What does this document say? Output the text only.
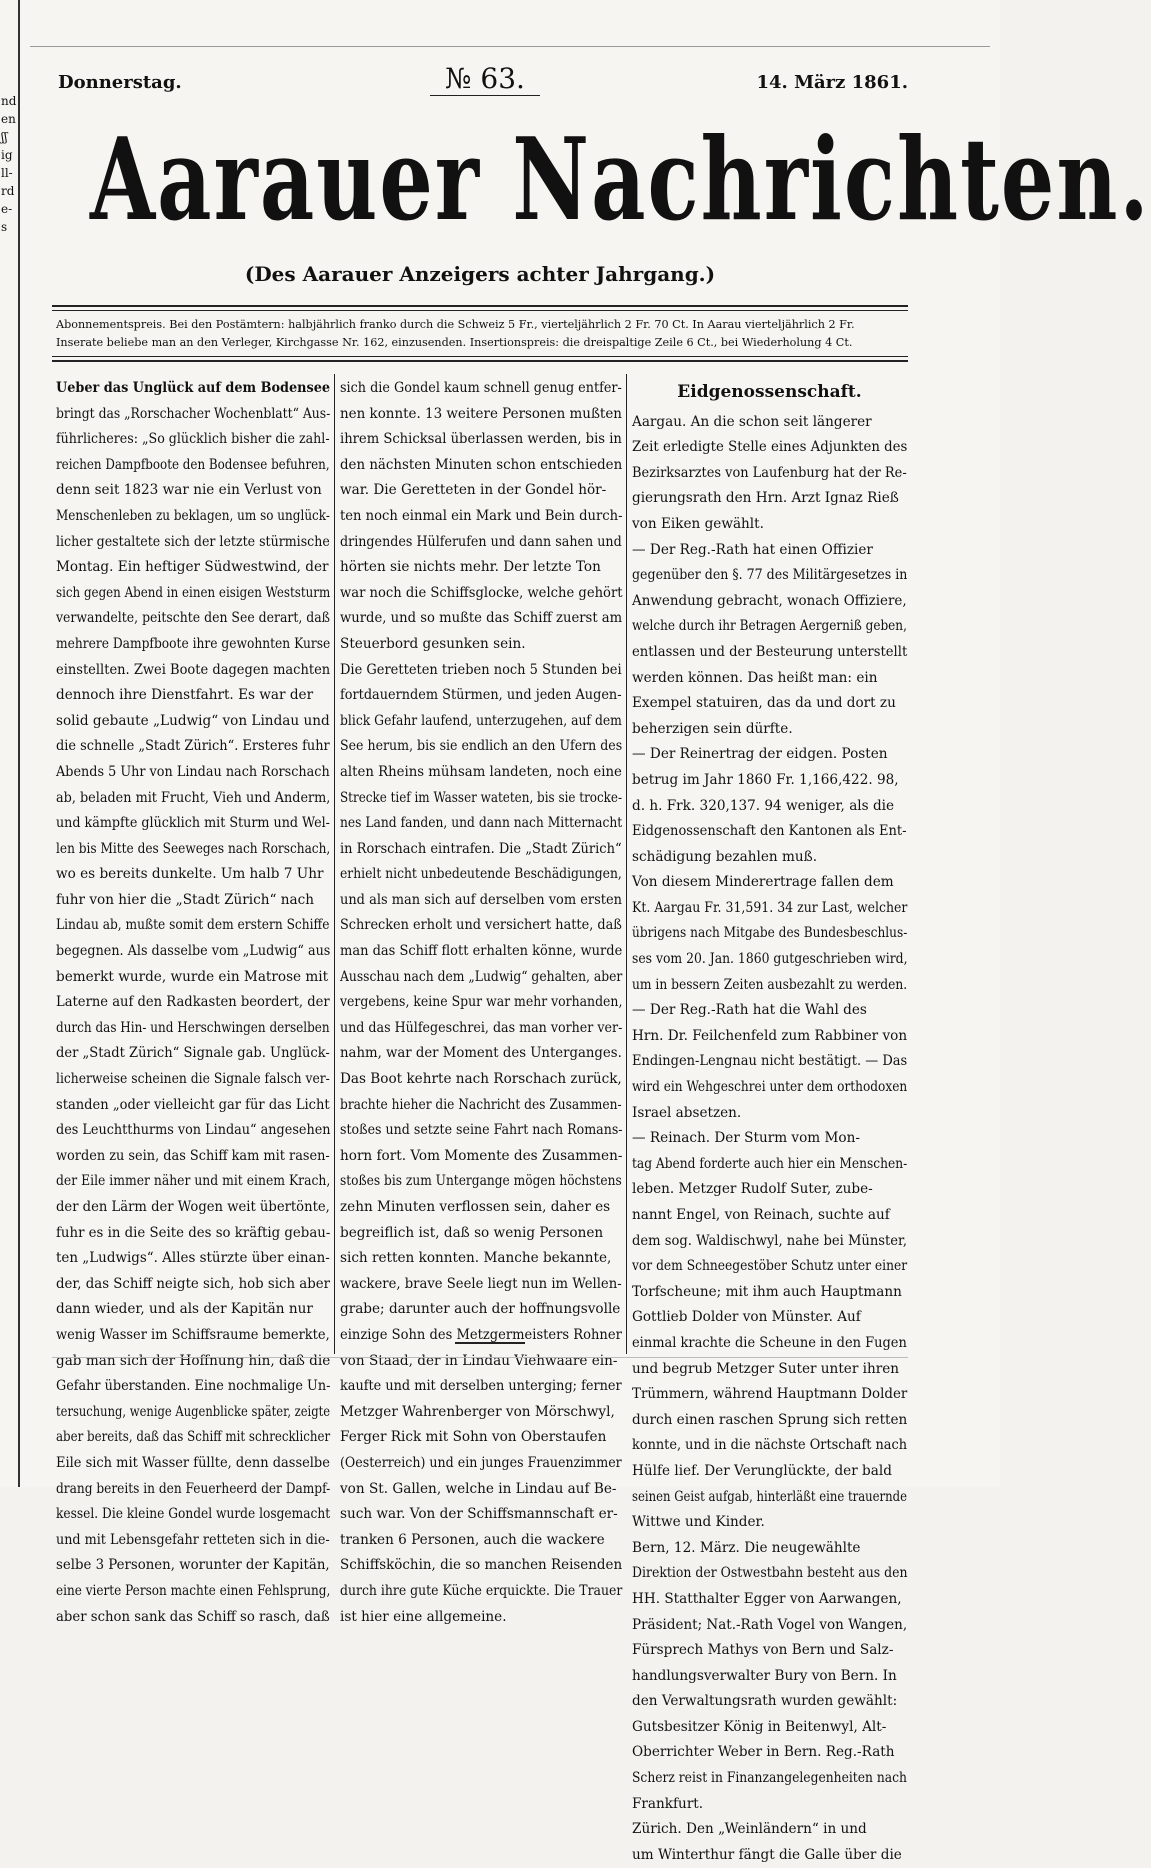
nd
en
ʃʃ
ig
ll-
rd
e-
s
Donnerstag.	№ 63.	14. März 1861.
Aarauer Nachrichten.
(Des Aarauer Anzeigers achter Jahrgang.)

Abonnementspreis. Bei den Postämtern: halbjährlich franko durch die Schweiz 5 Fr., vierteljährlich 2 Fr. 70 Ct. In Aarau vierteljährlich 2 Fr.

Inserate beliebe man an den Verleger, Kirchgasse Nr. 162, einzusenden. Insertionspreis: die dreispaltige Zeile 6 Ct., bei Wiederholung 4 Ct.

Ueber das Unglück auf dem Bodensee

bringt das „Rorschacher Wochenblatt“ Aus-

führlicheres: „So glücklich bisher die zahl-

reichen Dampfboote den Bodensee befuhren,

denn seit 1823 war nie ein Verlust von

Menschenleben zu beklagen, um so unglück-

licher gestaltete sich der letzte stürmische

Montag. Ein heftiger Südwestwind, der

sich gegen Abend in einen eisigen Weststurm

verwandelte, peitschte den See derart, daß

mehrere Dampfboote ihre gewohnten Kurse

einstellten. Zwei Boote dagegen machten

dennoch ihre Dienstfahrt. Es war der

solid gebaute „Ludwig“ von Lindau und

die schnelle „Stadt Zürich“. Ersteres fuhr

Abends 5 Uhr von Lindau nach Rorschach

ab, beladen mit Frucht, Vieh und Anderm,

und kämpfte glücklich mit Sturm und Wel-

len bis Mitte des Seeweges nach Rorschach,

wo es bereits dunkelte. Um halb 7 Uhr

fuhr von hier die „Stadt Zürich“ nach

Lindau ab, mußte somit dem erstern Schiffe

begegnen. Als dasselbe vom „Ludwig“ aus

bemerkt wurde, wurde ein Matrose mit

Laterne auf den Radkasten beordert, der

durch das Hin- und Herschwingen derselben

der „Stadt Zürich“ Signale gab. Unglück-

licherweise scheinen die Signale falsch ver-

standen „oder vielleicht gar für das Licht

des Leuchtthurms von Lindau“ angesehen

worden zu sein, das Schiff kam mit rasen-

der Eile immer näher und mit einem Krach,

der den Lärm der Wogen weit übertönte,

fuhr es in die Seite des so kräftig gebau-

ten „Ludwigs“. Alles stürzte über einan-

der, das Schiff neigte sich, hob sich aber

dann wieder, und als der Kapitän nur

wenig Wasser im Schiffsraume bemerkte,

gab man sich der Hoffnung hin, daß die

Gefahr überstanden. Eine nochmalige Un-

tersuchung, wenige Augenblicke später, zeigte

aber bereits, daß das Schiff mit schrecklicher

Eile sich mit Wasser füllte, denn dasselbe

drang bereits in den Feuerheerd der Dampf-

kessel. Die kleine Gondel wurde losgemacht

und mit Lebensgefahr retteten sich in die-

selbe 3 Personen, worunter der Kapitän,

eine vierte Person machte einen Fehlsprung,

aber schon sank das Schiff so rasch, daß

sich die Gondel kaum schnell genug entfer-

nen konnte. 13 weitere Personen mußten

ihrem Schicksal überlassen werden, bis in

den nächsten Minuten schon entschieden

war. Die Geretteten in der Gondel hör-

ten noch einmal ein Mark und Bein durch-

dringendes Hülferufen und dann sahen und

hörten sie nichts mehr. Der letzte Ton

war noch die Schiffsglocke, welche gehört

wurde, und so mußte das Schiff zuerst am

Steuerbord gesunken sein.

Die Geretteten trieben noch 5 Stunden bei

fortdauerndem Stürmen, und jeden Augen-

blick Gefahr laufend, unterzugehen, auf dem

See herum, bis sie endlich an den Ufern des

alten Rheins mühsam landeten, noch eine

Strecke tief im Wasser wateten, bis sie trocke-

nes Land fanden, und dann nach Mitternacht

in Rorschach eintrafen. Die „Stadt Zürich“

erhielt nicht unbedeutende Beschädigungen,

und als man sich auf derselben vom ersten

Schrecken erholt und versichert hatte, daß

man das Schiff flott erhalten könne, wurde

Ausschau nach dem „Ludwig“ gehalten, aber

vergebens, keine Spur war mehr vorhanden,

und das Hülfegeschrei, das man vorher ver-

nahm, war der Moment des Unterganges.

Das Boot kehrte nach Rorschach zurück,

brachte hieher die Nachricht des Zusammen-

stoßes und setzte seine Fahrt nach Romans-

horn fort. Vom Momente des Zusammen-

stoßes bis zum Untergange mögen höchstens

zehn Minuten verflossen sein, daher es

begreiflich ist, daß so wenig Personen

sich retten konnten. Manche bekannte,

wackere, brave Seele liegt nun im Wellen-

grabe; darunter auch der hoffnungsvolle

einzige Sohn des Metzgermeisters Rohner

von Staad, der in Lindau Viehwaare ein-

kaufte und mit derselben unterging; ferner

Metzger Wahrenberger von Mörschwyl,

Ferger Rick mit Sohn von Oberstaufen

(Oesterreich) und ein junges Frauenzimmer

von St. Gallen, welche in Lindau auf Be-

such war. Von der Schiffsmannschaft er-

tranken 6 Personen, auch die wackere

Schiffsköchin, die so manchen Reisenden

durch ihre gute Küche erquickte. Die Trauer

ist hier eine allgemeine.

Eidgenossenschaft.

Aargau. An die schon seit längerer

Zeit erledigte Stelle eines Adjunkten des

Bezirksarztes von Laufenburg hat der Re-

gierungsrath den Hrn. Arzt Ignaz Rieß

von Eiken gewählt.

— Der Reg.-Rath hat einen Offizier

gegenüber den §. 77 des Militärgesetzes in

Anwendung gebracht, wonach Offiziere,

welche durch ihr Betragen Aergerniß geben,

entlassen und der Besteurung unterstellt

werden können. Das heißt man: ein

Exempel statuiren, das da und dort zu

beherzigen sein dürfte.

— Der Reinertrag der eidgen. Posten

betrug im Jahr 1860 Fr. 1,166,422. 98,

d. h. Frk. 320,137. 94 weniger, als die

Eidgenossenschaft den Kantonen als Ent-

schädigung bezahlen muß.

Von diesem Minderertrage fallen dem

Kt. Aargau Fr. 31,591. 34 zur Last, welcher

übrigens nach Mitgabe des Bundesbeschlus-

ses vom 20. Jan. 1860 gutgeschrieben wird,

um in bessern Zeiten ausbezahlt zu werden.

— Der Reg.-Rath hat die Wahl des

Hrn. Dr. Feilchenfeld zum Rabbiner von

Endingen-Lengnau nicht bestätigt. — Das

wird ein Wehgeschrei unter dem orthodoxen

Israel absetzen.

— Reinach. Der Sturm vom Mon-

tag Abend forderte auch hier ein Menschen-

leben. Metzger Rudolf Suter, zube-

nannt Engel, von Reinach, suchte auf

dem sog. Waldischwyl, nahe bei Münster,

vor dem Schneegestöber Schutz unter einer

Torfscheune; mit ihm auch Hauptmann

Gottlieb Dolder von Münster. Auf

einmal krachte die Scheune in den Fugen

und begrub Metzger Suter unter ihren

Trümmern, während Hauptmann Dolder

durch einen raschen Sprung sich retten

konnte, und in die nächste Ortschaft nach

Hülfe lief. Der Verunglückte, der bald

seinen Geist aufgab, hinterläßt eine trauernde

Wittwe und Kinder.

Bern, 12. März. Die neugewählte

Direktion der Ostwestbahn besteht aus den

HH. Statthalter Egger von Aarwangen,

Präsident; Nat.-Rath Vogel von Wangen,

Fürsprech Mathys von Bern und Salz-

handlungsverwalter Bury von Bern. In

den Verwaltungsrath wurden gewählt:

Gutsbesitzer König in Beitenwyl, Alt-

Oberrichter Weber in Bern. Reg.-Rath

Scherz reist in Finanzangelegenheiten nach

Frankfurt.

Zürich. Den „Weinländern“ in und

um Winterthur fängt die Galle über die
